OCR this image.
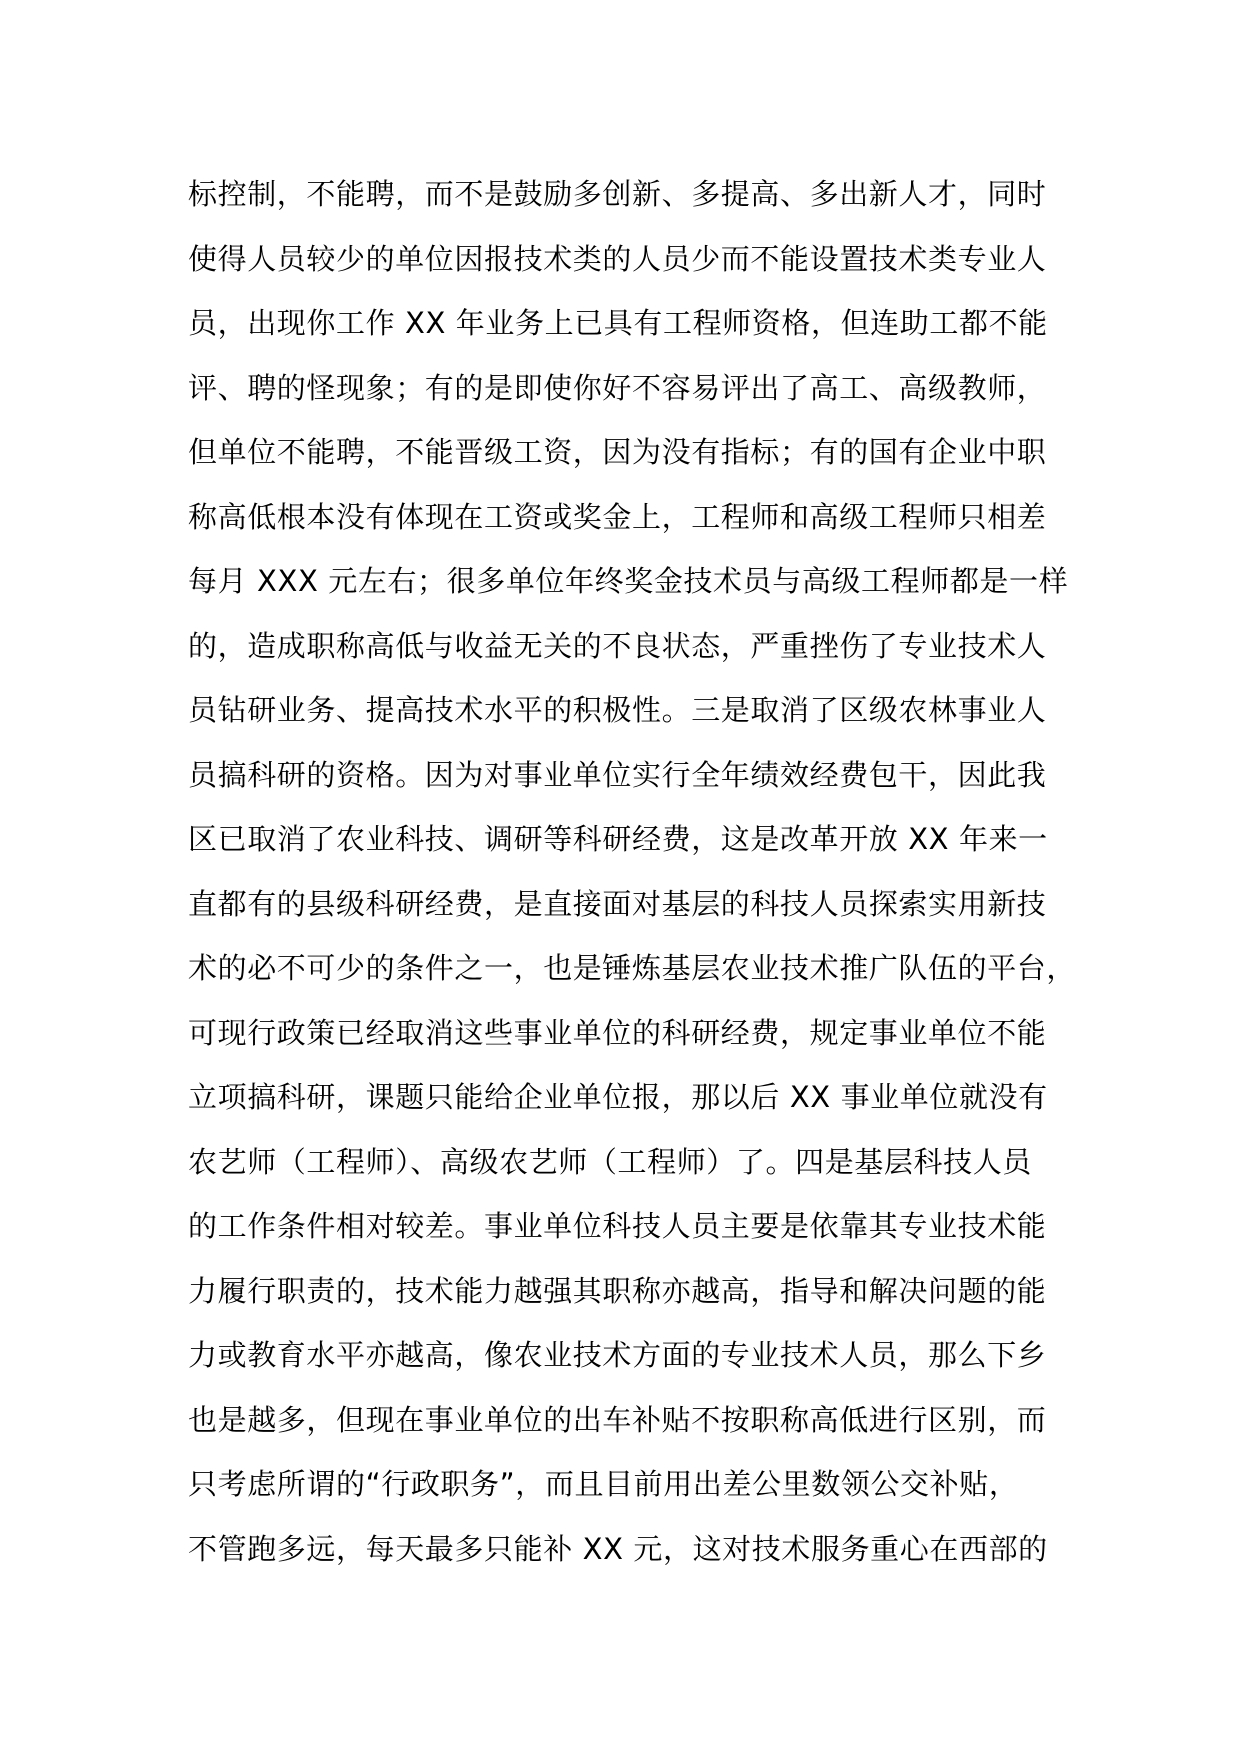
标控制，不能聘，而不是鼓励多创新、多提高、多出新人才，同时
使得人员较少的单位因报技术类的人员少而不能设置技术类专业人
员，出现你工作 XX 年业务上已具有工程师资格，但连助工都不能
评、聘的怪现象；有的是即使你好不容易评出了高工、高级教师，
但单位不能聘，不能晋级工资，因为没有指标；有的国有企业中职
称高低根本没有体现在工资或奖金上，工程师和高级工程师只相差
每月 XXX 元左右；很多单位年终奖金技术员与高级工程师都是一样
的，造成职称高低与收益无关的不良状态，严重挫伤了专业技术人
员钻研业务、提高技术水平的积极性。三是取消了区级农林事业人
员搞科研的资格。因为对事业单位实行全年绩效经费包干，因此我
区已取消了农业科技、调研等科研经费，这是改革开放 XX 年来一
直都有的县级科研经费，是直接面对基层的科技人员探索实用新技
术的必不可少的条件之一，也是锤炼基层农业技术推广队伍的平台，
可现行政策已经取消这些事业单位的科研经费，规定事业单位不能
立项搞科研，课题只能给企业单位报，那以后 XX 事业单位就没有
农艺师（工程师）、高级农艺师（工程师）了。四是基层科技人员
的工作条件相对较差。事业单位科技人员主要是依靠其专业技术能
力履行职责的，技术能力越强其职称亦越高，指导和解决问题的能
力或教育水平亦越高，像农业技术方面的专业技术人员，那么下乡
也是越多，但现在事业单位的出车补贴不按职称高低进行区别，而
只考虑所谓的“行政职务”，而且目前用出差公里数领公交补贴，
不管跑多远，每天最多只能补 XX 元，这对技术服务重心在西部的
